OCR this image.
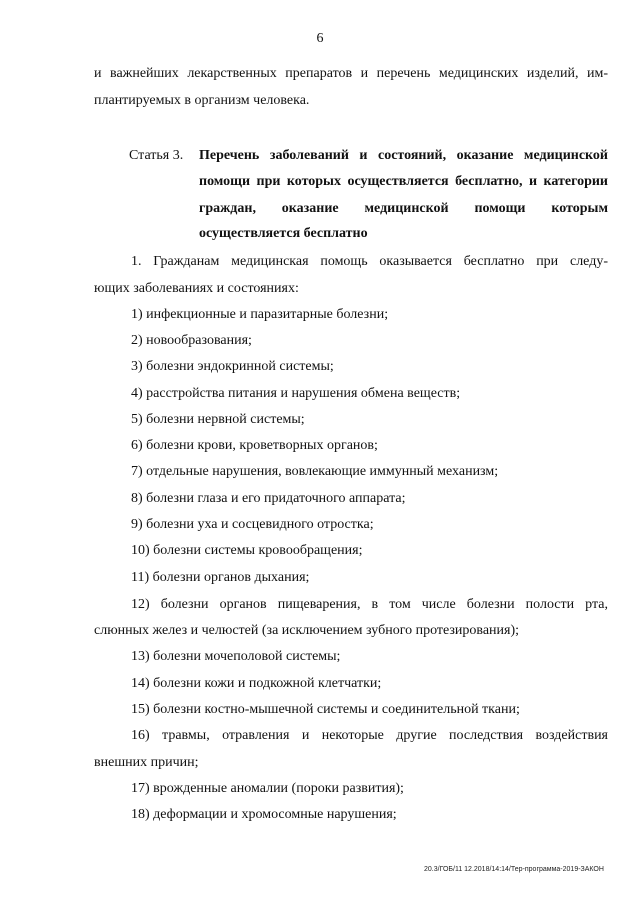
6
и важнейших лекарственных препаратов и перечень медицинских изделий, им-
плантируемых в организм человека.
Статья 3. Перечень заболеваний и состояний, оказание медицинской
помощи при которых осуществляется бесплатно, и категории
граждан, оказание медицинской помощи которым
осуществляется бесплатно
1. Гражданам медицинская помощь оказывается бесплатно при следу-
ющих заболеваниях и состояниях:
1) инфекционные и паразитарные болезни;
2) новообразования;
3) болезни эндокринной системы;
4) расстройства питания и нарушения обмена веществ;
5) болезни нервной системы;
6) болезни крови, кроветворных органов;
7) отдельные нарушения, вовлекающие иммунный механизм;
8) болезни глаза и его придаточного аппарата;
9) болезни уха и сосцевидного отростка;
10) болезни системы кровообращения;
11) болезни органов дыхания;
12) болезни органов пищеварения, в том числе болезни полости рта,
слюнных желез и челюстей (за исключением зубного протезирования);
13) болезни мочеполовой системы;
14) болезни кожи и подкожной клетчатки;
15) болезни костно-мышечной системы и соединительной ткани;
16) травмы, отравления и некоторые другие последствия воздействия
внешних причин;
17) врожденные аномалии (пороки развития);
18) деформации и хромосомные нарушения;
20.3/ГОБ/11 12.2018/14:14/Тер-программа-2019-ЗАКОН
